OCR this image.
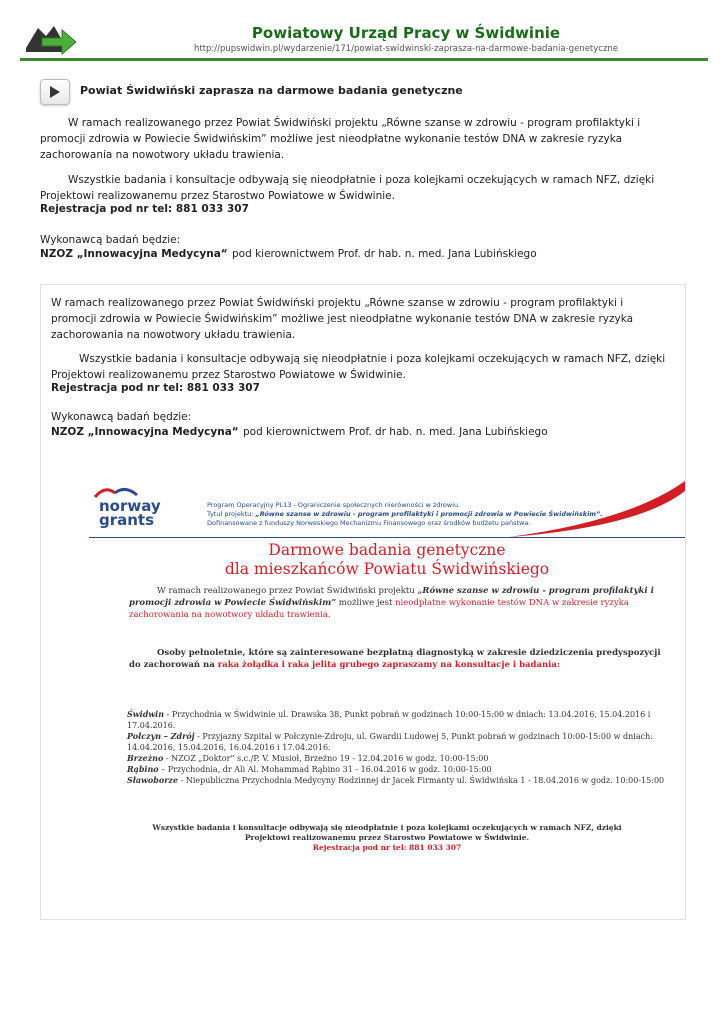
Powiatowy Urząd Pracy w Świdwinie
http://pupswidwin.pl/wydarzenie/171/powiat-swidwinski-zaprasza-na-darmowe-badania-genetyczne
Powiat Świdwiński zaprasza na darmowe badania genetyczne
W ramach realizowanego przez Powiat Świdwiński projektu „Równe szanse w zdrowiu - program profilaktyki i promocji zdrowia w Powiecie Świdwińskim” możliwe jest nieodpłatne wykonanie testów DNA w zakresie ryzyka zachorowania na nowotwory układu trawienia.
Wszystkie badania i konsultacje odbywają się nieodpłatnie i poza kolejkami oczekujących w ramach NFZ, dzięki Projektowi realizowanemu przez Starostwo Powiatowe w Świdwinie.
Rejestracja pod nr tel: 881 033 307
Wykonawcą badań będzie:
NZOZ „Innowacyjna Medycyna“ pod kierownictwem Prof. dr hab. n. med. Jana Lubińskiego
W ramach realizowanego przez Powiat Świdwiński projektu „Równe szanse w zdrowiu - program profilaktyki i promocji zdrowia w Powiecie Świdwińskim” możliwe jest nieodpłatne wykonanie testów DNA w zakresie ryzyka zachorowania na nowotwory układu trawienia.
Wszystkie badania i konsultacje odbywają się nieodpłatnie i poza kolejkami oczekujących w ramach NFZ, dzięki Projektowi realizowanemu przez Starostwo Powiatowe w Świdwinie.
Rejestracja pod nr tel: 881 033 307
Wykonawcą badań będzie:
NZOZ „Innowacyjna Medycyna“ pod kierownictwem Prof. dr hab. n. med. Jana Lubińskiego
norway
grants
Program Operacyjny PL13 - Ograniczenie społecznych nierówności w zdrowiu.
Tytuł projektu: „Równe szanse w zdrowiu - program profilaktyki i promocji zdrowia w Powiecie Świdwińskim”.
Dofinansowane z funduszy Norweskiego Mechanizmu Finansowego oraz środków budżetu państwa.
Darmowe badania genetyczne
dla mieszkańców Powiatu Świdwińskiego
W ramach realizowanego przez Powiat Świdwiński projektu „Równe szanse w zdrowiu - program profilaktyki i promocji zdrowia w Powiecie Świdwińskim” możliwe jest nieodpłatne wykonanie testów DNA w zakresie ryzyka zachorowania na nowotwory układu trawienia.
Osoby pełnoletnie, które są zainteresowane bezpłatną diagnostyką w zakresie dziedziczenia predyspozycji do zachorowań na raka żołądka i raka jelita grubego zapraszamy na konsultacje i badania:
Świdwin - Przychodnia w Świdwinie ul. Drawska 38, Punkt pobrań w godzinach 10:00-15:00 w dniach: 13.04.2016, 15.04.2016 i 17.04.2016.
Połczyn – Zdrój - Przyjazny Szpital w Połczynie-Zdroju, ul. Gwardii Ludowej 5, Punkt pobrań w godzinach 10:00-15:00 w dniach: 14.04.2016, 15.04.2016, 16.04.2016 i 17.04.2016.
Brzeżno - NZOZ „Doktor” s.c./P. V. Musioł, Brzeźno 19 - 12.04.2016 w godz. 10:00-15:00
Rąbino – Przychodnia, dr Ali Al. Mohammad Rąbino 31 - 16.04.2016 w godz. 10:00-15:00
Sławoborze - Niepubliczna Przychodnia Medycyny Rodzinnej dr Jacek Firmanty ul. Świdwińska 1 - 18.04.2016 w godz. 10:00-15:00
Wszystkie badania i konsultacje odbywają się nieodpłatnie i poza kolejkami oczekujących w ramach NFZ, dzięki Projektowi realizowanemu przez Starostwo Powiatowe w Świdwinie.
Rejestracja pod nr tel: 881 033 307
